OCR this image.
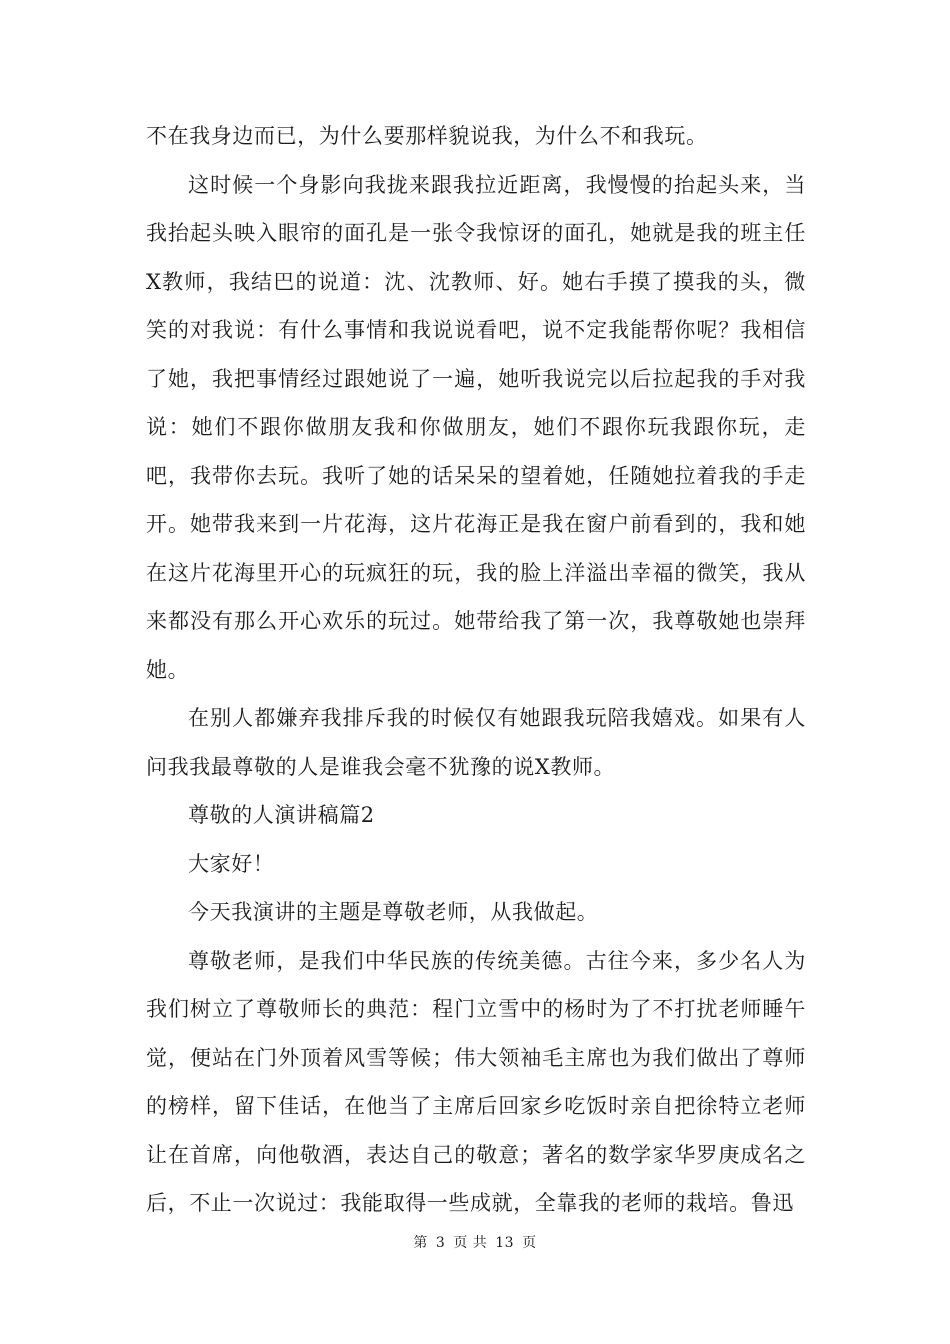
不在我身边而已，为什么要那样貌说我，为什么不和我玩。

这时候一个身影向我拢来跟我拉近距离，我慢慢的抬起头来，当我抬起头映入眼帘的面孔是一张令我惊讶的面孔，她就是我的班主任X教师，我结巴的说道：沈、沈教师、好。她右手摸了摸我的头，微笑的对我说：有什么事情和我说说看吧，说不定我能帮你呢？我相信了她，我把事情经过跟她说了一遍，她听我说完以后拉起我的手对我说：她们不跟你做朋友我和你做朋友，她们不跟你玩我跟你玩，走吧，我带你去玩。我听了她的话呆呆的望着她，任随她拉着我的手走开。她带我来到一片花海，这片花海正是我在窗户前看到的，我和她在这片花海里开心的玩疯狂的玩，我的脸上洋溢出幸福的微笑，我从来都没有那么开心欢乐的玩过。她带给我了第一次，我尊敬她也崇拜她。

在别人都嫌弃我排斥我的时候仅有她跟我玩陪我嬉戏。如果有人问我我最尊敬的人是谁我会毫不犹豫的说X教师。

尊敬的人演讲稿篇2

大家好！

今天我演讲的主题是尊敬老师，从我做起。

尊敬老师，是我们中华民族的传统美德。古往今来，多少名人为我们树立了尊敬师长的典范：程门立雪中的杨时为了不打扰老师睡午觉，便站在门外顶着风雪等候；伟大领袖毛主席也为我们做出了尊师的榜样，留下佳话，在他当了主席后回家乡吃饭时亲自把徐特立老师让在首席，向他敬酒，表达自己的敬意；著名的数学家华罗庚成名之后，不止一次说过：我能取得一些成就，全靠我的老师的栽培。鲁迅

第 3 页 共 13 页
